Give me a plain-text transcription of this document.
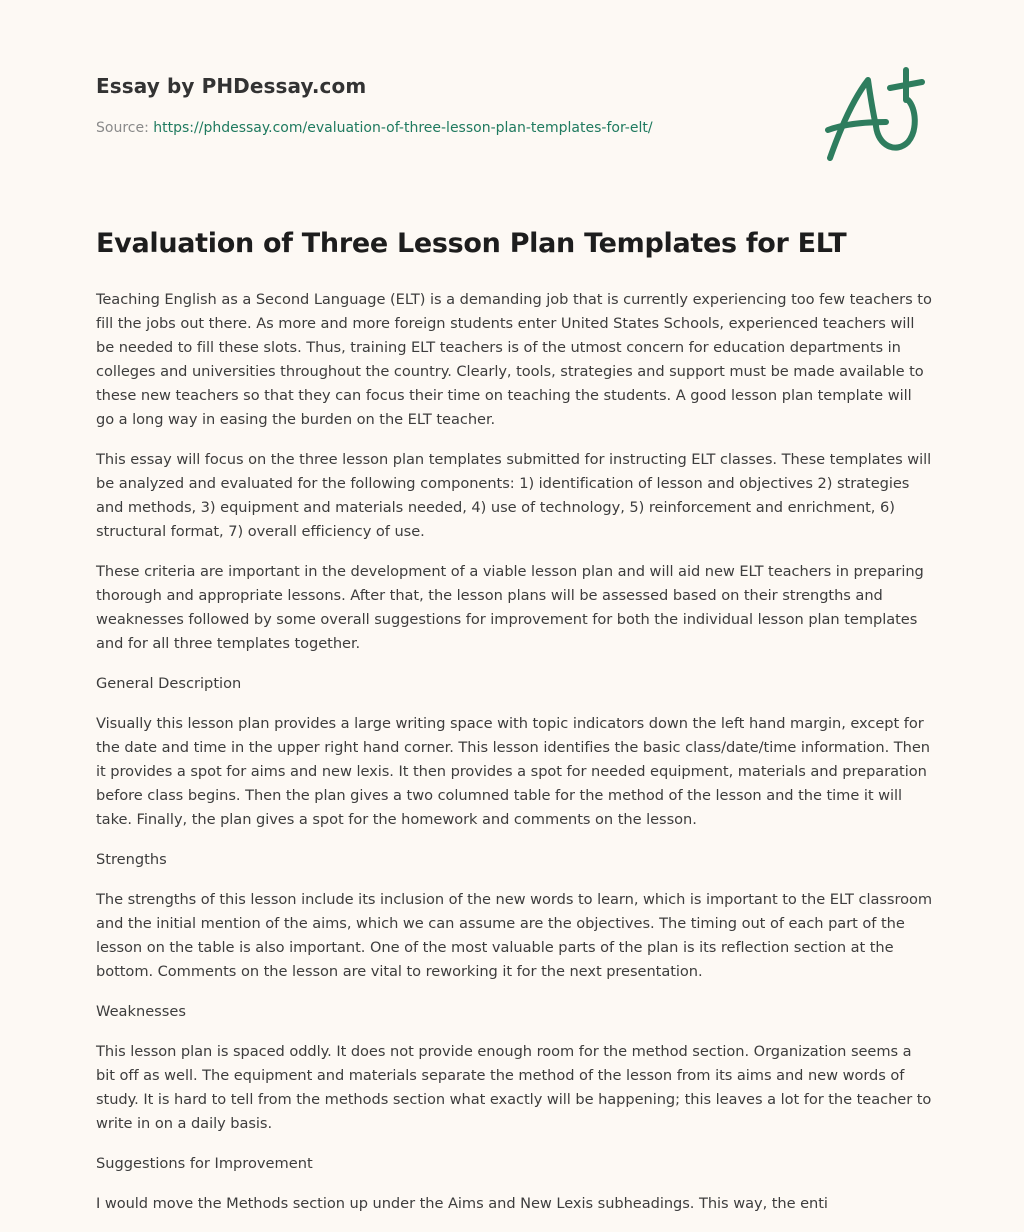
Essay by PHDessay.com
Source: https://phdessay.com/evaluation-of-three-lesson-plan-templates-for-elt/
Evaluation of Three Lesson Plan Templates for ELT

Teaching English as a Second Language (ELT) is a demanding job that is currently experiencing too few teachers to fill the jobs out there. As more and more foreign students enter United States Schools, experienced teachers will be needed to fill these slots. Thus, training ELT teachers is of the utmost concern for education departments in colleges and universities throughout the country. Clearly, tools, strategies and support must be made available to these new teachers so that they can focus their time on teaching the students. A good lesson plan template will go a long way in easing the burden on the ELT teacher.

This essay will focus on the three lesson plan templates submitted for instructing ELT classes. These templates will be analyzed and evaluated for the following components: 1) identification of lesson and objectives 2) strategies and methods, 3) equipment and materials needed, 4) use of technology, 5) reinforcement and enrichment, 6) structural format, 7) overall efficiency of use.

These criteria are important in the development of a viable lesson plan and will aid new ELT teachers in preparing thorough and appropriate lessons. After that, the lesson plans will be assessed based on their strengths and weaknesses followed by some overall suggestions for improvement for both the individual lesson plan templates and for all three templates together.

General Description

Visually this lesson plan provides a large writing space with topic indicators down the left hand margin, except for the date and time in the upper right hand corner. This lesson identifies the basic class/date/time information. Then it provides a spot for aims and new lexis. It then provides a spot for needed equipment, materials and preparation before class begins. Then the plan gives a two columned table for the method of the lesson and the time it will take. Finally, the plan gives a spot for the homework and comments on the lesson.

Strengths

The strengths of this lesson include its inclusion of the new words to learn, which is important to the ELT classroom and the initial mention of the aims, which we can assume are the objectives. The timing out of each part of the lesson on the table is also important. One of the most valuable parts of the plan is its reflection section at the bottom. Comments on the lesson are vital to reworking it for the next presentation.

Weaknesses

This lesson plan is spaced oddly. It does not provide enough room for the method section. Organization seems a bit off as well. The equipment and materials separate the method of the lesson from its aims and new words of study. It is hard to tell from the methods section what exactly will be happening; this leaves a lot for the teacher to write in on a daily basis.

Suggestions for Improvement

I would move the Methods section up under the Aims and New Lexis subheadings. This way, the enti
